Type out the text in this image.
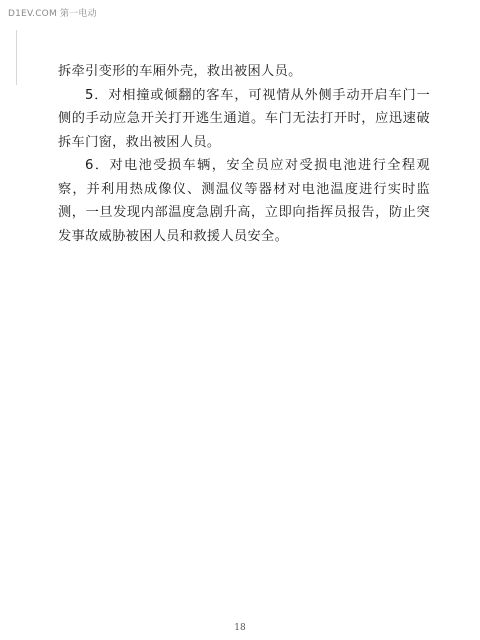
D1EV.COM 第一电动

拆牵引变形的车厢外壳，救出被困人员。

5．对相撞或倾翻的客车，可视情从外侧手动开启车门一侧的手动应急开关打开逃生通道。车门无法打开时，应迅速破拆车门窗，救出被困人员。

6．对电池受损车辆，安全员应对受损电池进行全程观察，并利用热成像仪、测温仪等器材对电池温度进行实时监测，一旦发现内部温度急剧升高，立即向指挥员报告，防止突发事故威胁被困人员和救援人员安全。

18
